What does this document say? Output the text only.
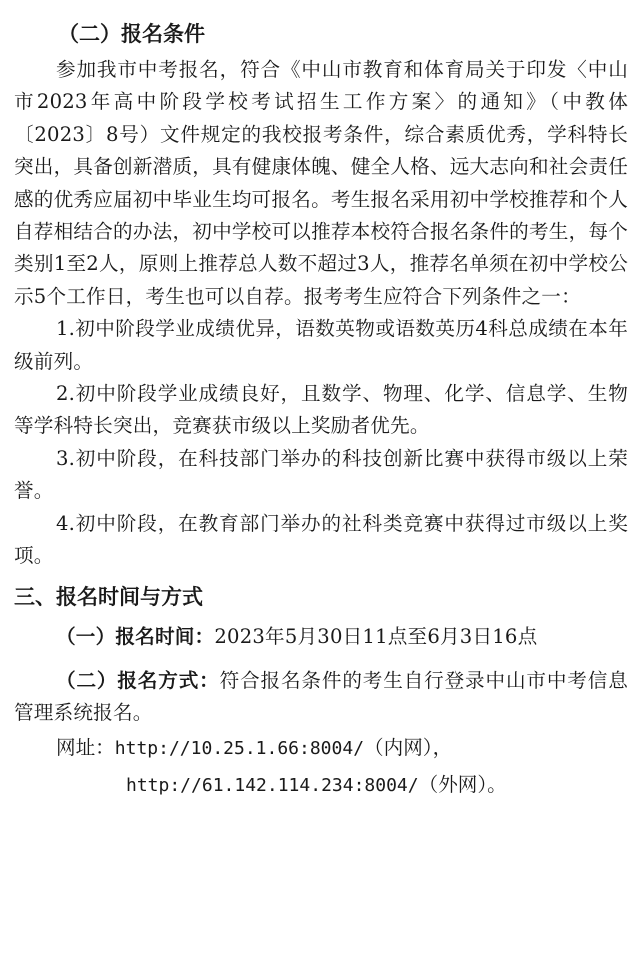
（二）报名条件

参加我市中考报名，符合《中山市教育和体育局关于印发〈中山市2023年高中阶段学校考试招生工作方案〉的通知》（中教体〔2023〕8号）文件规定的我校报考条件，综合素质优秀，学科特长突出，具备创新潜质，具有健康体魄、健全人格、远大志向和社会责任感的优秀应届初中毕业生均可报名。考生报名采用初中学校推荐和个人自荐相结合的办法，初中学校可以推荐本校符合报名条件的考生，每个类别1至2人，原则上推荐总人数不超过3人，推荐名单须在初中学校公示5个工作日，考生也可以自荐。报考考生应符合下列条件之一：

1.初中阶段学业成绩优异，语数英物或语数英历4科总成绩在本年级前列。

2.初中阶段学业成绩良好，且数学、物理、化学、信息学、生物等学科特长突出，竞赛获市级以上奖励者优先。

3.初中阶段，在科技部门举办的科技创新比赛中获得市级以上荣誉。

4.初中阶段，在教育部门举办的社科类竞赛中获得过市级以上奖项。

三、报名时间与方式

（一）报名时间：2023年5月30日11点至6月3日16点

（二）报名方式：符合报名条件的考生自行登录中山市中考信息管理系统报名。

网址：http://10.25.1.66:8004/（内网），

http://61.142.114.234:8004/（外网）。
